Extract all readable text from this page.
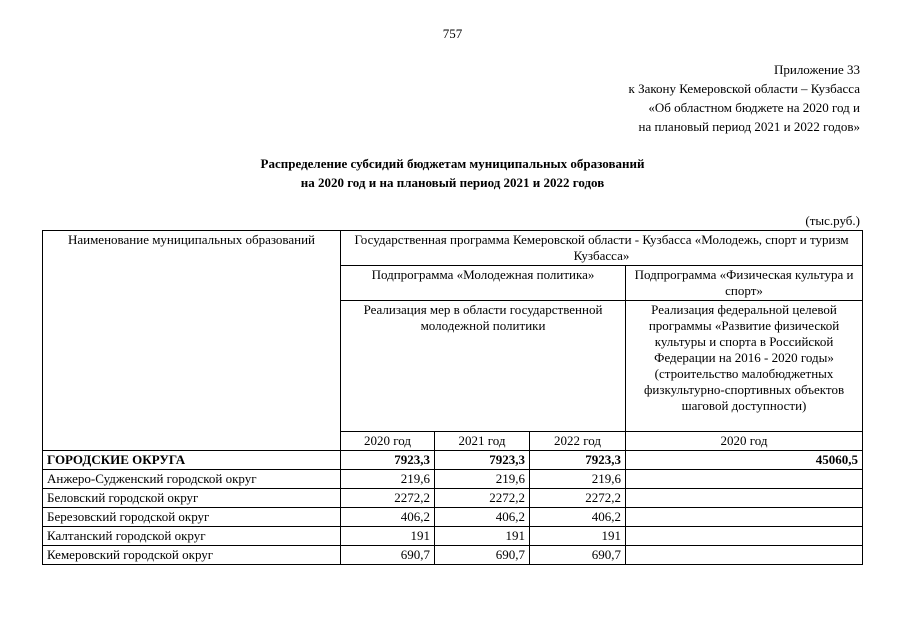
757
Приложение 33
к Закону Кемеровской области – Кузбасса
«Об областном бюджете на 2020 год и
на плановый период 2021 и 2022 годов»
Распределение субсидий бюджетам муниципальных образований
на 2020 год и на плановый период 2021 и 2022 годов
(тыс.руб.)
Наименование муниципальных образований	Государственная программа Кемеровской области - Кузбасса «Молодежь, спорт и туризм Кузбасса»			
	Подпрограмма «Молодежная политика»			Подпрограмма «Физическая культура и спорт»
	Реализация мер в области государственной молодежной политики			Реализация федеральной целевой программы «Развитие физической культуры и спорта в Российской Федерации на 2016 - 2020 годы» (строительство малобюджетных физкультурно-спортивных объектов шаговой доступности)
	2020 год	2021 год	2022 год	2020 год
ГОРОДСКИЕ ОКРУГА	7923,3	7923,3	7923,3	45060,5
Анжеро-Судженский городской округ	219,6	219,6	219,6	
Беловский городской округ	2272,2	2272,2	2272,2	
Березовский городской округ	406,2	406,2	406,2	
Калтанский городской округ	191	191	191	
Кемеровский городской округ	690,7	690,7	690,7	
